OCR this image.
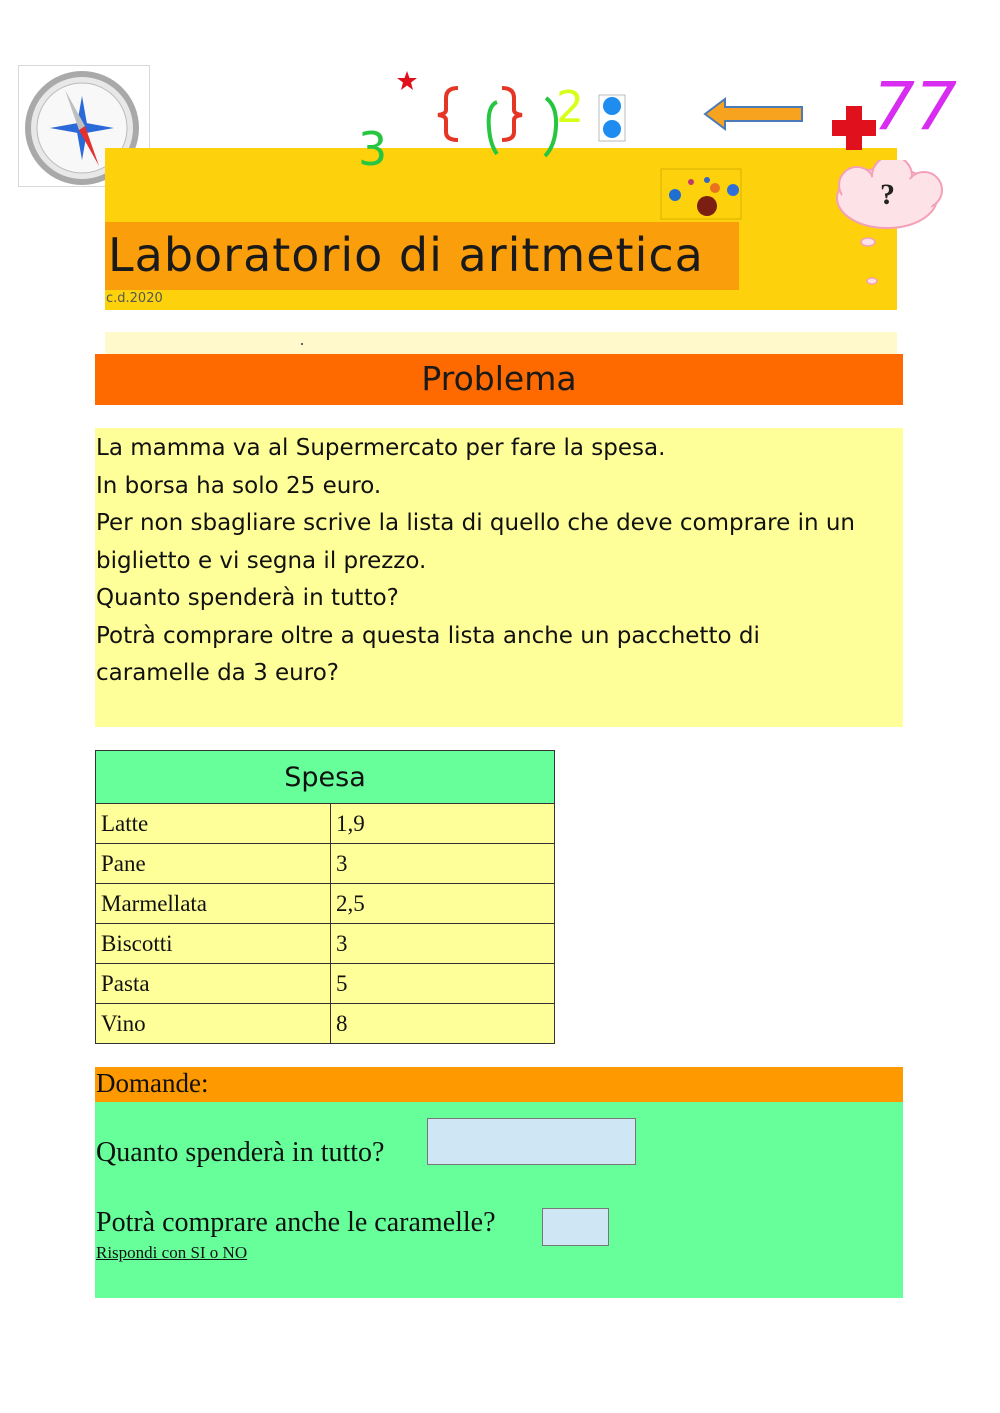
Laboratorio di aritmetica
c.d.2020
3
2	77
?
Problema
La mamma va al Supermercato per fare la spesa.
In borsa ha solo 25 euro.
Per non sbagliare scrive la lista di quello che deve comprare in un
biglietto e vi segna il prezzo.
Quanto spenderà in tutto?
Potrà comprare oltre a questa lista anche un pacchetto di
caramelle da 3 euro?
Spesa	
Latte	1,9
Pane	3
Marmellata	2,5
Biscotti	3
Pasta	5
Vino	8
Domande:
Quanto spenderà in tutto?
Potrà comprare anche le caramelle?
Rispondi con SI o NO
